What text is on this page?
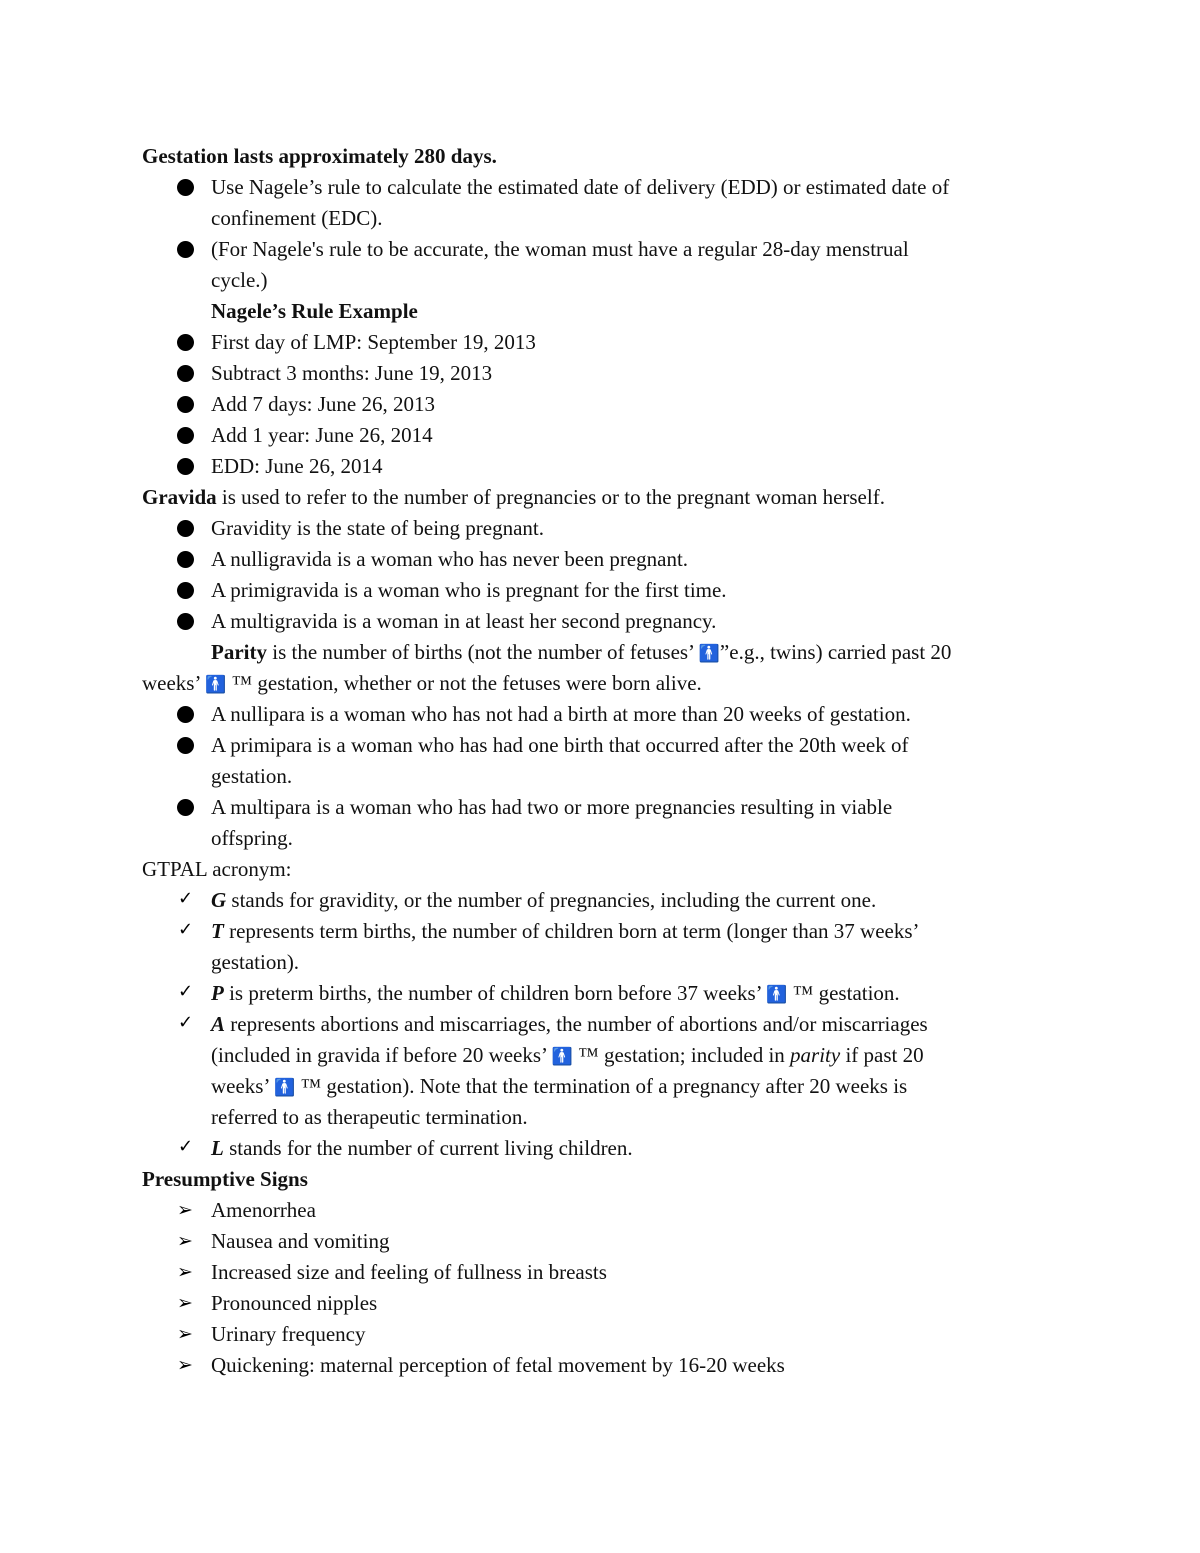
Gestation lasts approximately 280 days.
Use Nagele’s rule to calculate the estimated date of delivery (EDD) or estimated date of
confinement (EDC).
(For Nagele's rule to be accurate, the woman must have a regular 28-day menstrual
cycle.)
Nagele’s Rule Example
First day of LMP: September 19, 2013
Subtract 3 months: June 19, 2013
Add 7 days: June 26, 2013
Add 1 year: June 26, 2014
EDD: June 26, 2014
Gravida is used to refer to the number of pregnancies or to the pregnant woman herself.
Gravidity is the state of being pregnant.
A nulligravida is a woman who has never been pregnant.
A primigravida is a woman who is pregnant for the first time.
A multigravida is a woman in at least her second pregnancy.
Parity is the number of births (not the number of fetuses’ 🚹”e.g., twins) carried past 20
weeks’ 🚹 ™ gestation, whether or not the fetuses were born alive.
A nullipara is a woman who has not had a birth at more than 20 weeks of gestation.
A primipara is a woman who has had one birth that occurred after the 20th week of
gestation.
A multipara is a woman who has had two or more pregnancies resulting in viable
offspring.
GTPAL acronym:
✓ G stands for gravidity, or the number of pregnancies, including the current one.
✓ T represents term births, the number of children born at term (longer than 37 weeks’
gestation).
✓ P is preterm births, the number of children born before 37 weeks’ 🚹 ™ gestation.
✓ A represents abortions and miscarriages, the number of abortions and/or miscarriages
(included in gravida if before 20 weeks’ 🚹 ™ gestation; included in parity if past 20
weeks’ 🚹 ™ gestation). Note that the termination of a pregnancy after 20 weeks is
referred to as therapeutic termination.
✓ L stands for the number of current living children.
Presumptive Signs
➢ Amenorrhea
➢ Nausea and vomiting
➢ Increased size and feeling of fullness in breasts
➢ Pronounced nipples
➢ Urinary frequency
➢ Quickening: maternal perception of fetal movement by 16-20 weeks
